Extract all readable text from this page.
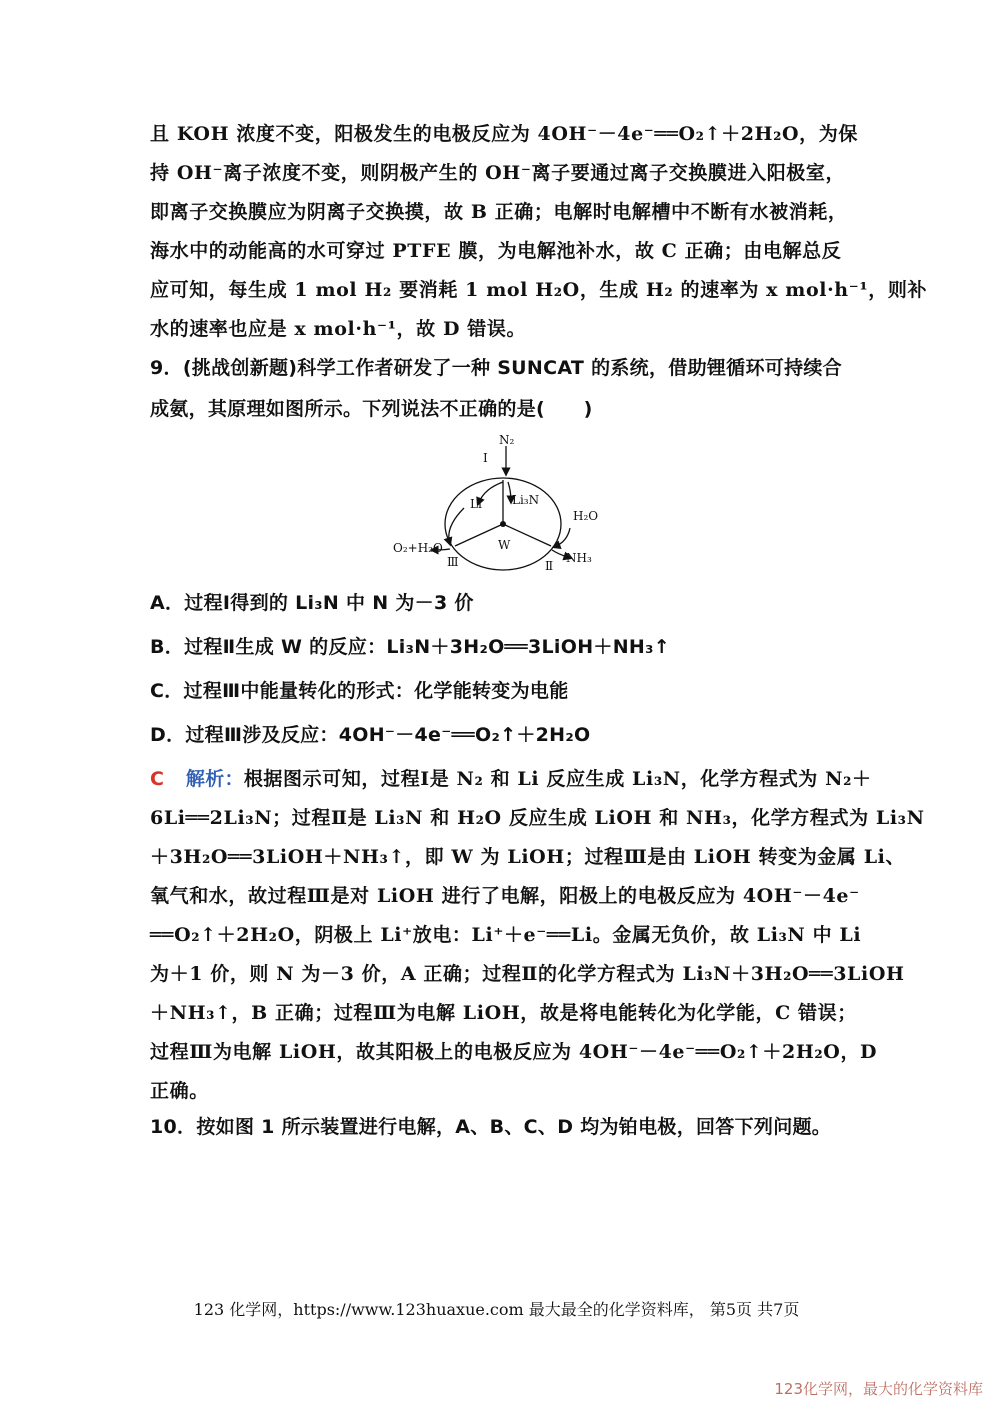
且 KOH 浓度不变，阳极发生的电极反应为 4OH⁻－4e⁻══O₂↑＋2H₂O，为保
持 OH⁻离子浓度不变，则阴极产生的 OH⁻离子要通过离子交换膜进入阳极室，
即离子交换膜应为阴离子交换摸，故 B 正确；电解时电解槽中不断有水被消耗，
海水中的动能高的水可穿过 PTFE 膜，为电解池补水，故 C 正确；由电解总反
应可知，每生成 1 mol H₂ 要消耗 1 mol H₂O，生成 H₂ 的速率为 x mol·h⁻¹，则补
水的速率也应是 x mol·h⁻¹，故 D 错误。
9．(挑战创新题)科学工作者研发了一种 SUNCAT 的系统，借助锂循环可持续合
成氨，其原理如图所示。下列说法不正确的是(　　)
N₂
Ⅰ
Li	Li₃N
H₂O
O₂+H₂O	W
NH₃
Ⅲ	Ⅱ
A．过程Ⅰ得到的 Li₃N 中 N 为－3 价
B．过程Ⅱ生成 W 的反应：Li₃N＋3H₂O══3LiOH＋NH₃↑
C．过程Ⅲ中能量转化的形式：化学能转变为电能
D．过程Ⅲ涉及反应：4OH⁻－4e⁻══O₂↑＋2H₂O
C 解析：根据图示可知，过程Ⅰ是 N₂ 和 Li 反应生成 Li₃N，化学方程式为 N₂＋
6Li══2Li₃N；过程Ⅱ是 Li₃N 和 H₂O 反应生成 LiOH 和 NH₃，化学方程式为 Li₃N
＋3H₂O══3LiOH＋NH₃↑，即 W 为 LiOH；过程Ⅲ是由 LiOH 转变为金属 Li、
氧气和水，故过程Ⅲ是对 LiOH 进行了电解，阳极上的电极反应为 4OH⁻－4e⁻
══O₂↑＋2H₂O，阴极上 Li⁺放电：Li⁺＋e⁻══Li。金属无负价，故 Li₃N 中 Li
为＋1 价，则 N 为－3 价，A 正确；过程Ⅱ的化学方程式为 Li₃N＋3H₂O══3LiOH
＋NH₃↑，B 正确；过程Ⅲ为电解 LiOH，故是将电能转化为化学能，C 错误；
过程Ⅲ为电解 LiOH，故其阳极上的电极反应为 4OH⁻－4e⁻══O₂↑＋2H₂O，D
正确。
10．按如图 1 所示装置进行电解，A、B、C、D 均为铂电极，回答下列问题。
123 化学网，https://www.123huaxue.com 最大最全的化学资料库， 第5页 共7页
123化学网，最大的化学资料库
